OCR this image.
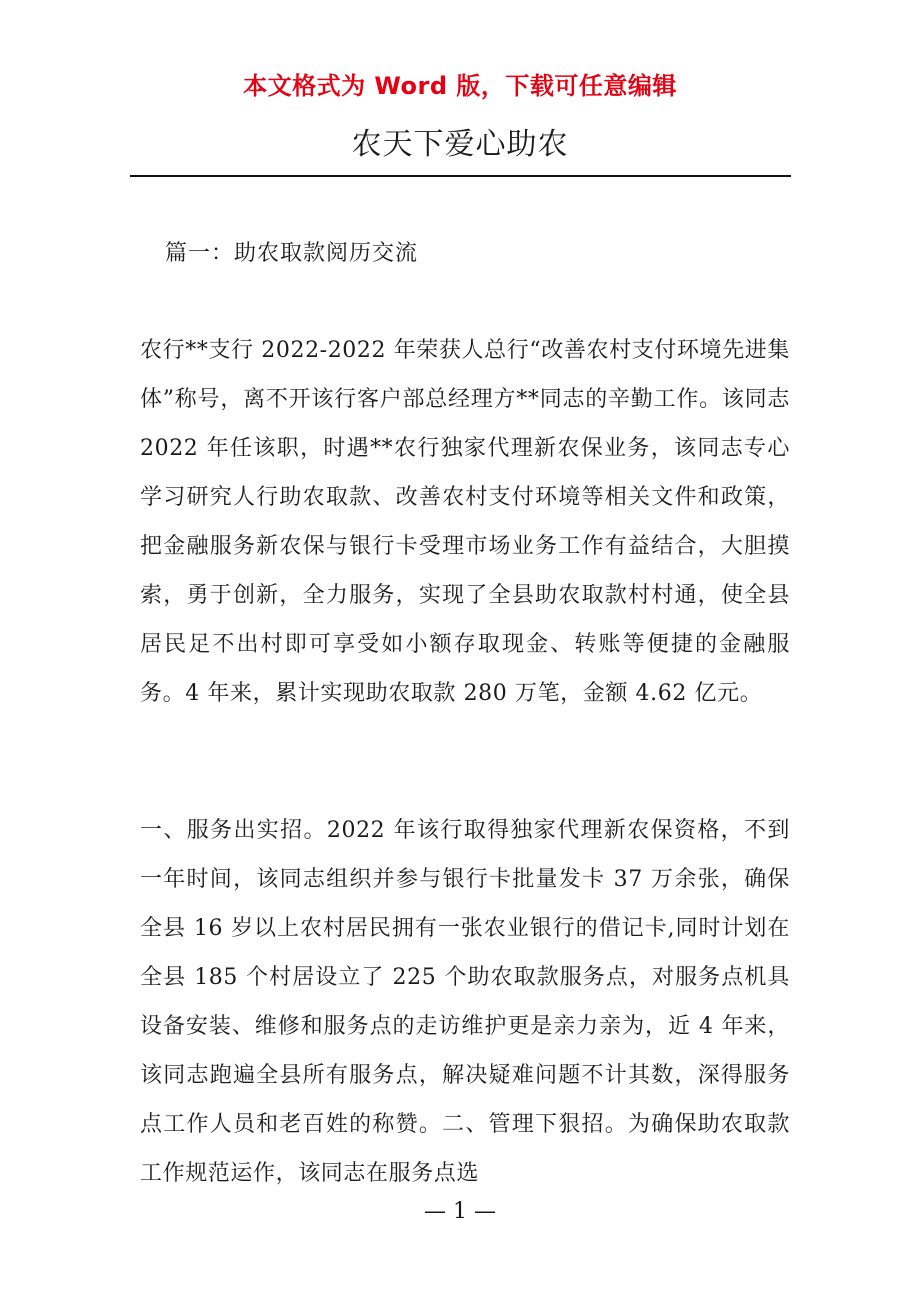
本文格式为 Word 版，下载可任意编辑
农天下爱心助农
篇一：助农取款阅历交流

农行**支行 2022-2022 年荣获人总行“改善农村支付环境先进集体”称号，离不开该行客户部总经理方**同志的辛勤工作。该同志 2022 年任该职，时遇**农行独家代理新农保业务，该同志专心学习研究人行助农取款、改善农村支付环境等相关文件和政策，把金融服务新农保与银行卡受理市场业务工作有益结合，大胆摸索，勇于创新，全力服务，实现了全县助农取款村村通，使全县居民足不出村即可享受如小额存取现金、转账等便捷的金融服务。4 年来，累计实现助农取款 280 万笔，金额 4.62 亿元。

一、服务出实招。2022 年该行取得独家代理新农保资格，不到一年时间，该同志组织并参与银行卡批量发卡 37 万余张，确保全县 16 岁以上农村居民拥有一张农业银行的借记卡,同时计划在全县 185 个村居设立了 225 个助农取款服务点，对服务点机具设备安装、维修和服务点的走访维护更是亲力亲为，近 4 年来，该同志跑遍全县所有服务点，解决疑难问题不计其数，深得服务点工作人员和老百姓的称赞。二、管理下狠招。为确保助农取款工作规范运作，该同志在服务点选

— 1 —
